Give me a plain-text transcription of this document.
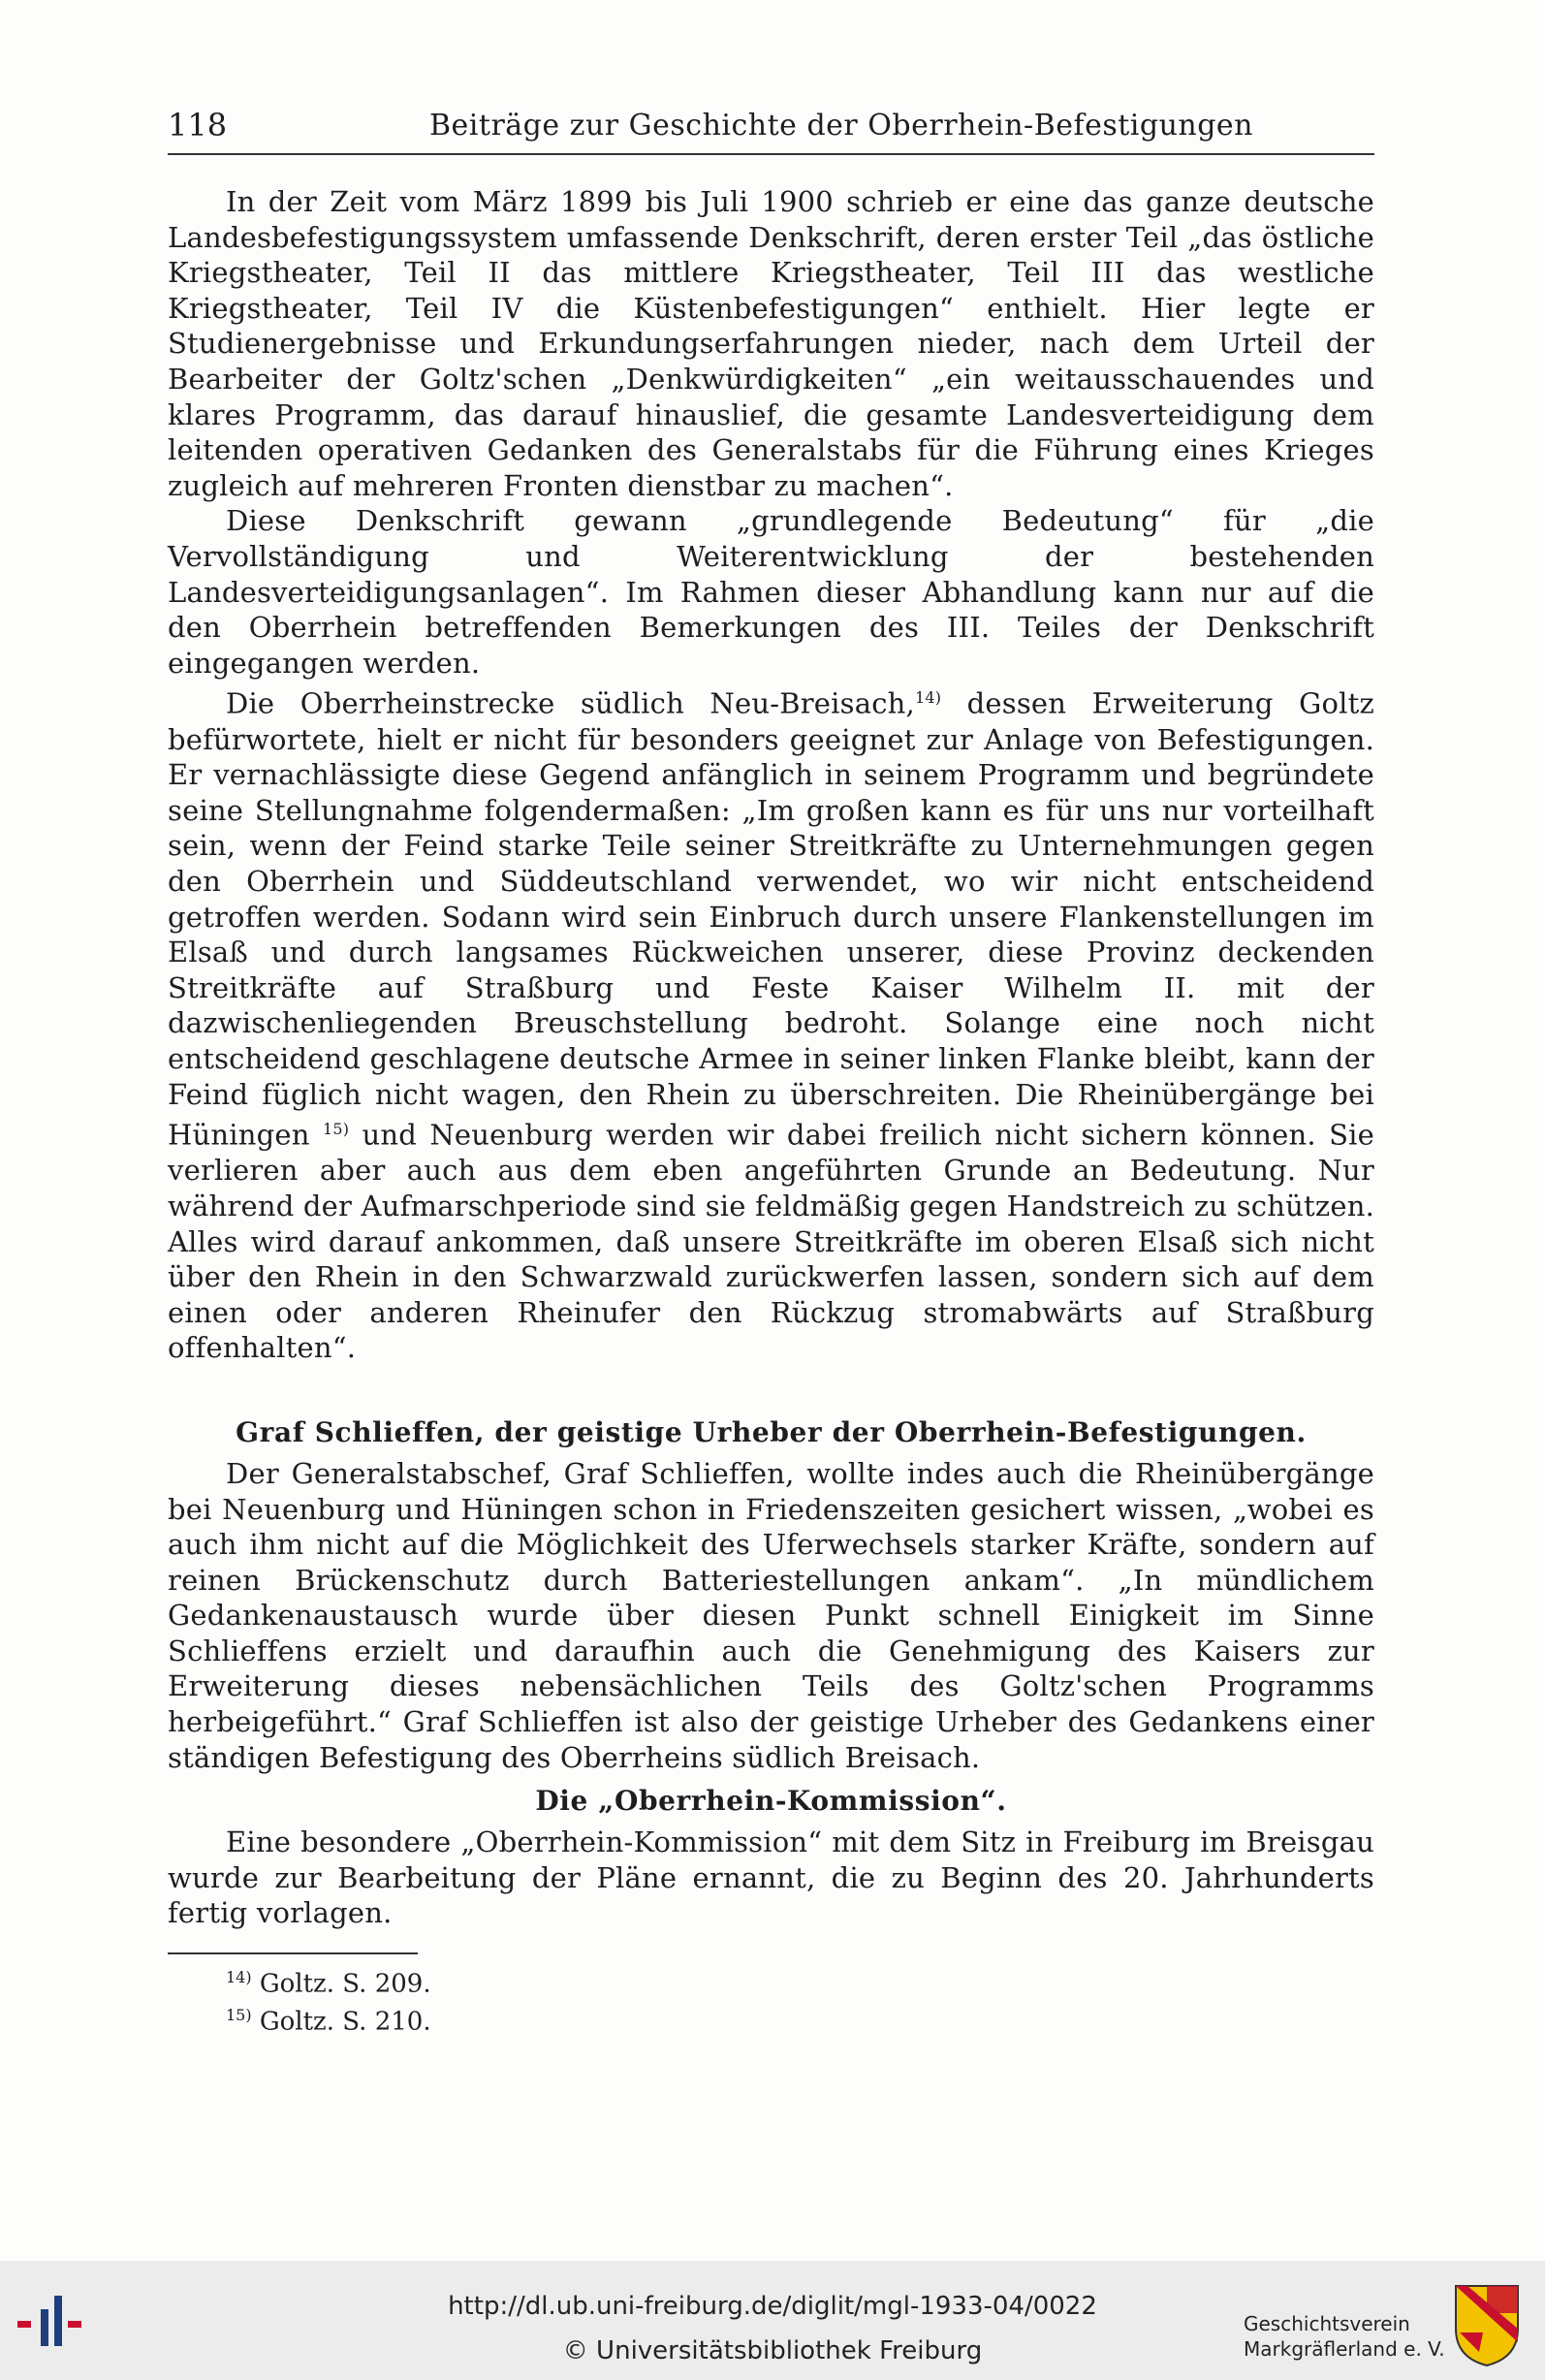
118	Beiträge zur Geschichte der Oberrhein-Befestigungen

In der Zeit vom März 1899 bis Juli 1900 schrieb er eine das ganze deutsche Landesbefestigungssystem umfassende Denkschrift, deren erster Teil „das östliche Kriegstheater, Teil II das mittlere Kriegstheater, Teil III das westliche Kriegstheater, Teil IV die Küstenbefestigungen“ enthielt. Hier legte er Studienergebnisse und Erkundungserfahrungen nieder, nach dem Urteil der Bearbeiter der Goltz'schen „Denkwürdigkeiten“ „ein weitausschauendes und klares Programm, das darauf hinauslief, die gesamte Landesverteidigung dem leitenden operativen Gedanken des Generalstabs für die Führung eines Krieges zugleich auf mehreren Fronten dienstbar zu machen“.

Diese Denkschrift gewann „grundlegende Bedeutung“ für „die Vervollständigung und Weiterentwicklung der bestehenden Landesverteidigungsanlagen“. Im Rahmen dieser Abhandlung kann nur auf die den Oberrhein betreffenden Bemerkungen des III. Teiles der Denkschrift eingegangen werden.

Die Oberrheinstrecke südlich Neu-Breisach,$^{14)}$ dessen Erweiterung Goltz befürwortete, hielt er nicht für besonders geeignet zur Anlage von Befestigungen. Er vernachlässigte diese Gegend anfänglich in seinem Programm und begründete seine Stellungnahme folgendermaßen: „Im großen kann es für uns nur vorteilhaft sein, wenn der Feind starke Teile seiner Streitkräfte zu Unternehmungen gegen den Oberrhein und Süddeutschland verwendet, wo wir nicht entscheidend getroffen werden. Sodann wird sein Einbruch durch unsere Flankenstellungen im Elsaß und durch langsames Rückweichen unserer, diese Provinz deckenden Streitkräfte auf Straßburg und Feste Kaiser Wilhelm II. mit der dazwischenliegenden Breuschstellung bedroht. Solange eine noch nicht entscheidend geschlagene deutsche Armee in seiner linken Flanke bleibt, kann der Feind füglich nicht wagen, den Rhein zu überschreiten. Die Rheinübergänge bei Hüningen $^{15)}$ und Neuenburg werden wir dabei freilich nicht sichern können. Sie verlieren aber auch aus dem eben angeführten Grunde an Bedeutung. Nur während der Aufmarschperiode sind sie feldmäßig gegen Handstreich zu schützen. Alles wird darauf ankommen, daß unsere Streitkräfte im oberen Elsaß sich nicht über den Rhein in den Schwarzwald zurückwerfen lassen, sondern sich auf dem einen oder anderen Rheinufer den Rückzug stromabwärts auf Straßburg offenhalten“.

Graf Schlieffen, der geistige Urheber der Oberrhein-Befestigungen.

Der Generalstabschef, Graf Schlieffen, wollte indes auch die Rheinübergänge bei Neuenburg und Hüningen schon in Friedenszeiten gesichert wissen, „wobei es auch ihm nicht auf die Möglichkeit des Uferwechsels starker Kräfte, sondern auf reinen Brückenschutz durch Batteriestellungen ankam“. „In mündlichem Gedankenaustausch wurde über diesen Punkt schnell Einigkeit im Sinne Schlieffens erzielt und daraufhin auch die Genehmigung des Kaisers zur Erweiterung dieses nebensächlichen Teils des Goltz'schen Programms herbeigeführt.“ Graf Schlieffen ist also der geistige Urheber des Gedankens einer ständigen Befestigung des Oberrheins südlich Breisach.

Die „Oberrhein-Kommission“.

Eine besondere „Oberrhein-Kommission“ mit dem Sitz in Freiburg im Breisgau wurde zur Bearbeitung der Pläne ernannt, die zu Beginn des 20. Jahrhunderts fertig vorlagen.

$^{14)}$ Goltz. S. 209.

$^{15)}$ Goltz. S. 210.

http://dl.ub.uni-freiburg.de/diglit/mgl-1933-04/0022
© Universitätsbibliothek Freiburg
Geschichtsverein
Markgräflerland e. V.
